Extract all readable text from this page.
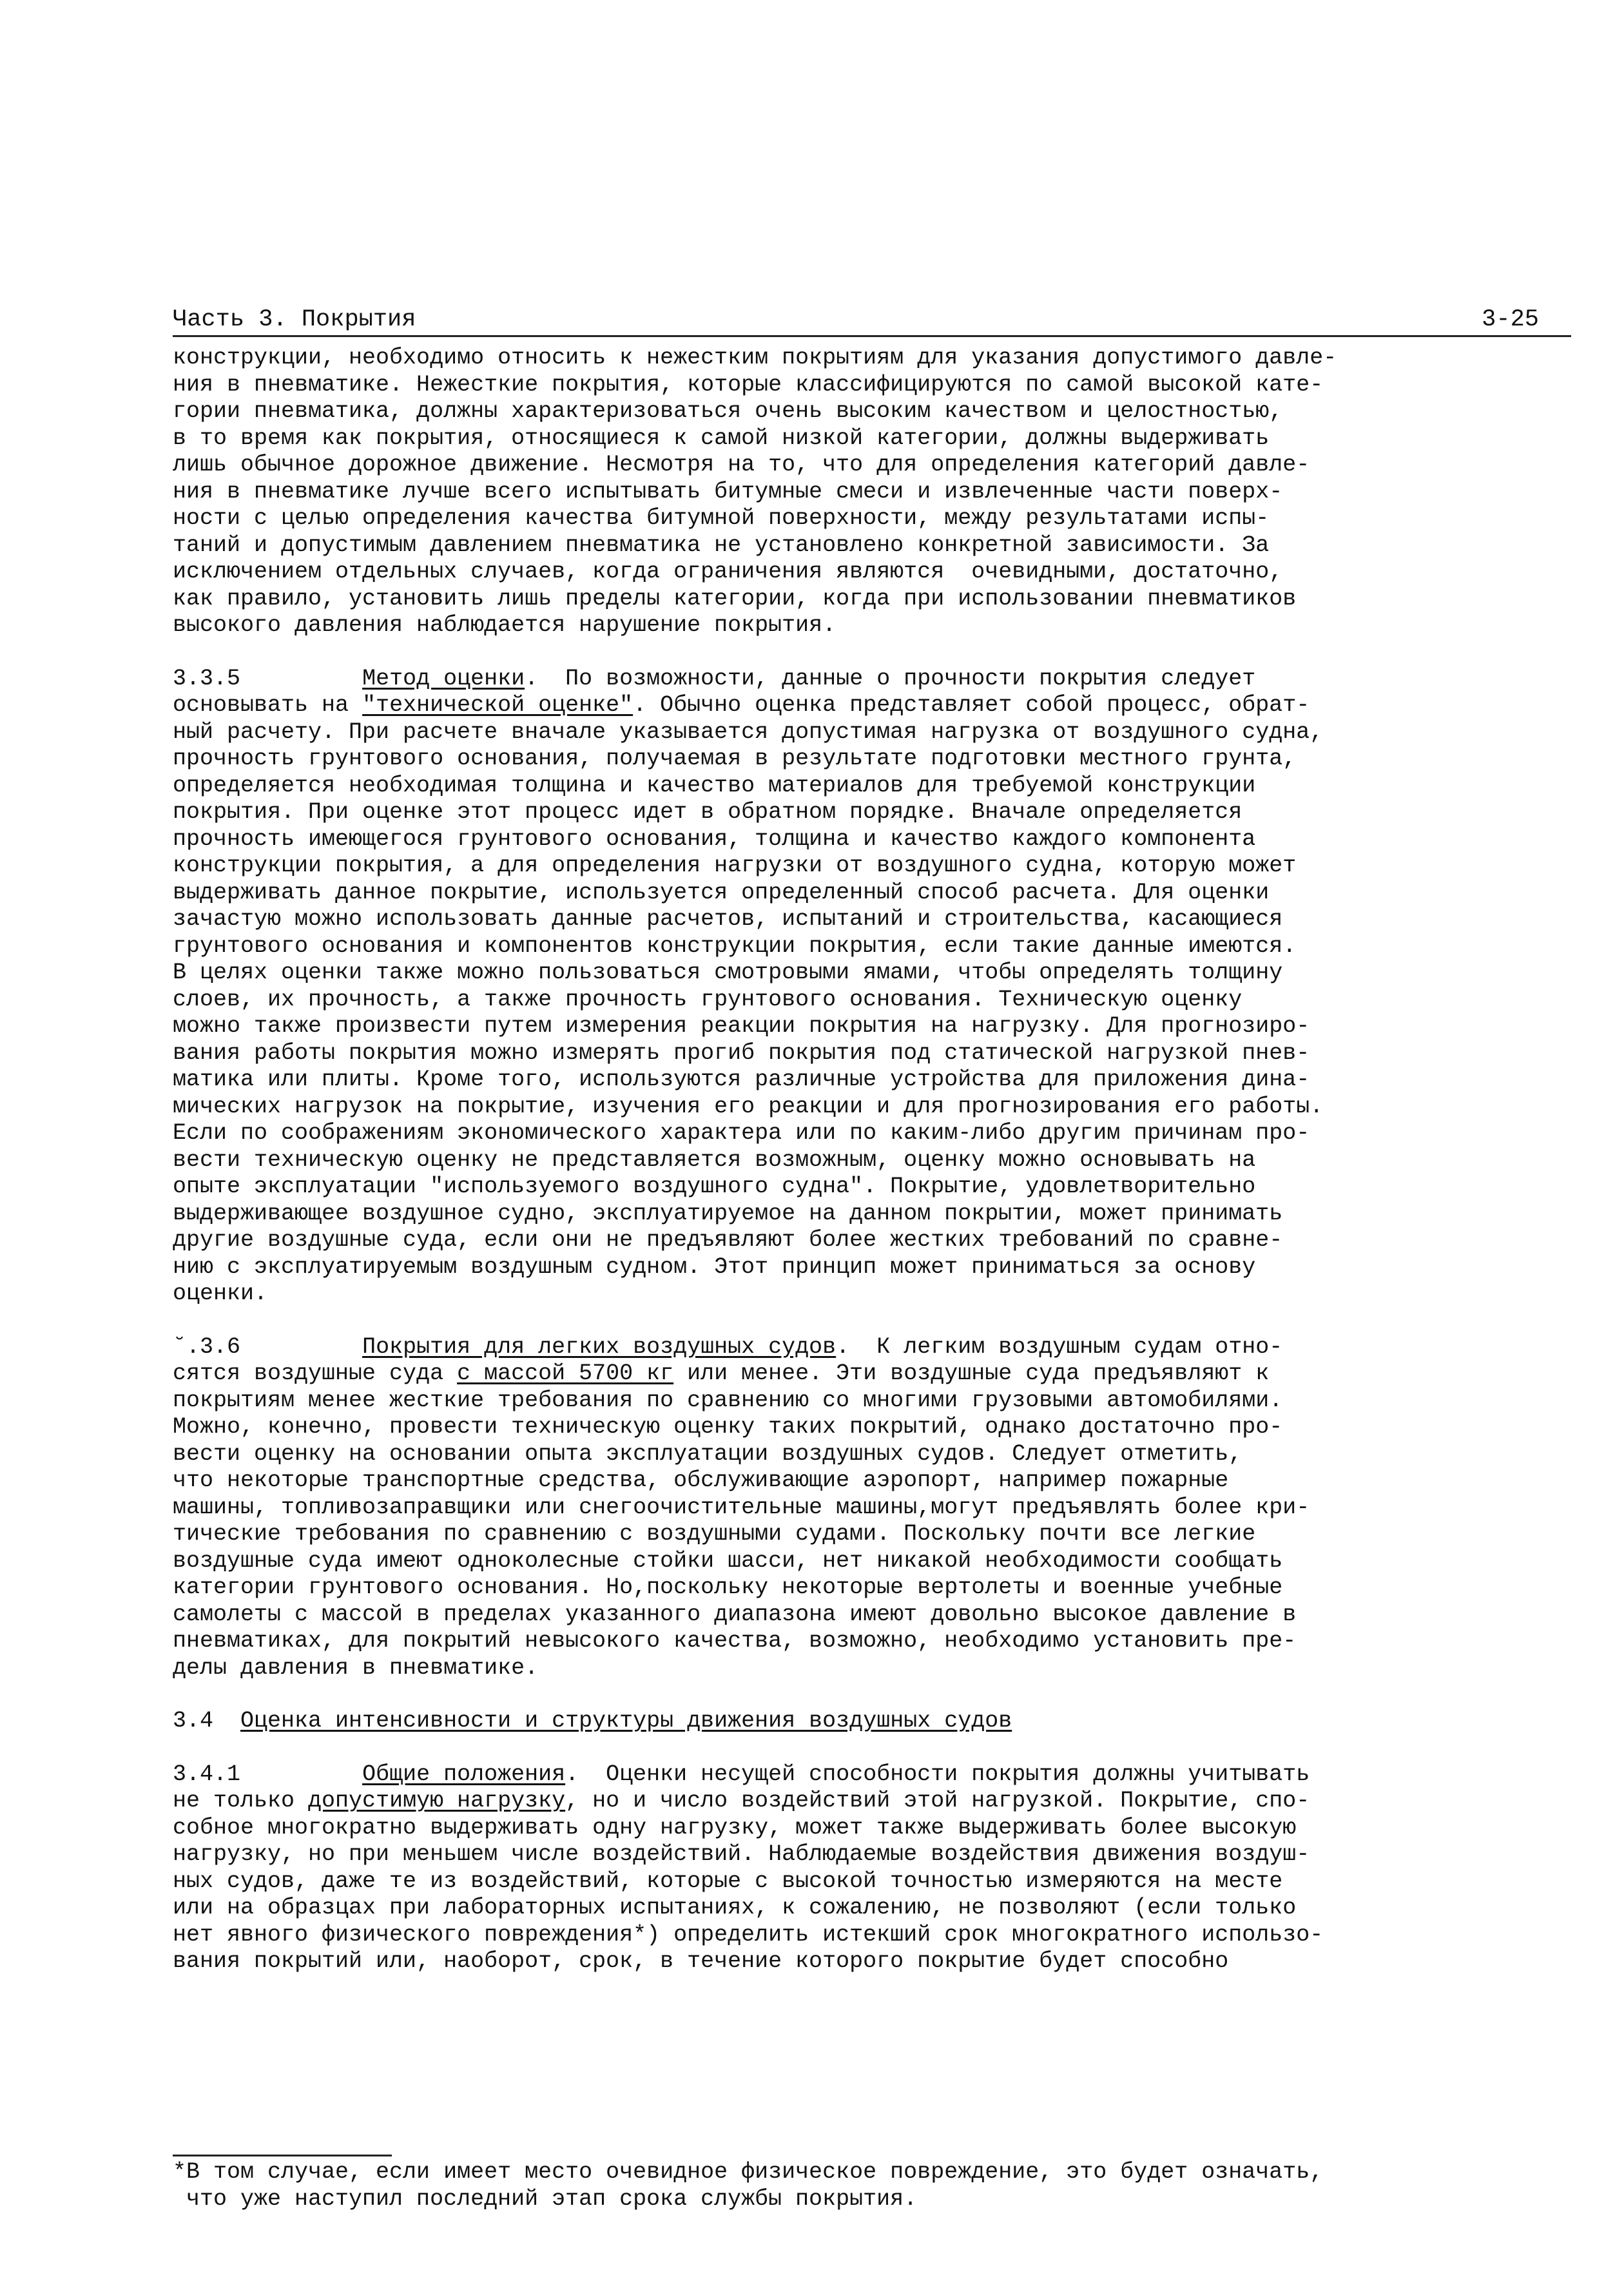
Часть 3. Покрытия	3-25
конструкции, необходимо относить к нежестким покрытиям для указания допустимого давле-
ния в пневматике. Нежесткие покрытия, которые классифицируются по самой высокой кате-
гории пневматика, должны характеризоваться очень высоким качеством и целостностью,
в то время как покрытия, относящиеся к самой низкой категории, должны выдерживать
лишь обычное дорожное движение. Несмотря на то, что для определения категорий давле-
ния в пневматике лучше всего испытывать битумные смеси и извлеченные части поверх-
ности с целью определения качества битумной поверхности, между результатами испы-
таний и допустимым давлением пневматика не установлено конкретной зависимости. За
исключением отдельных случаев, когда ограничения являются  очевидными, достаточно,
как правило, установить лишь пределы категории, когда при использовании пневматиков
высокого давления наблюдается нарушение покрытия.
3.3.5	Метод оценки.  По возможности, данные о прочности покрытия следует
основывать на "технической оценке". Обычно оценка представляет собой процесс, обрат-
ный расчету. При расчете вначале указывается допустимая нагрузка от воздушного судна,
прочность грунтового основания, получаемая в результате подготовки местного грунта,
определяется необходимая толщина и качество материалов для требуемой конструкции
покрытия. При оценке этот процесс идет в обратном порядке. Вначале определяется
прочность имеющегося грунтового основания, толщина и качество каждого компонента
конструкции покрытия, а для определения нагрузки от воздушного судна, которую может
выдерживать данное покрытие, используется определенный способ расчета. Для оценки
зачастую можно использовать данные расчетов, испытаний и строительства, касающиеся
грунтового основания и компонентов конструкции покрытия, если такие данные имеются.
В целях оценки также можно пользоваться смотровыми ямами, чтобы определять толщину
слоев, их прочность, а также прочность грунтового основания. Техническую оценку
можно также произвести путем измерения реакции покрытия на нагрузку. Для прогнозиро-
вания работы покрытия можно измерять прогиб покрытия под статической нагрузкой пнев-
матика или плиты. Кроме того, используются различные устройства для приложения дина-
мических нагрузок на покрытие, изучения его реакции и для прогнозирования его работы.
Если по соображениям экономического характера или по каким-либо другим причинам про-
вести техническую оценку не представляется возможным, оценку можно основывать на
опыте эксплуатации "используемого воздушного судна". Покрытие, удовлетворительно
выдерживающее воздушное судно, эксплуатируемое на данном покрытии, может принимать
другие воздушные суда, если они не предъявляют более жестких требований по сравне-
нию с эксплуатируемым воздушным судном. Этот принцип может приниматься за основу
оценки.
˘.3.6	Покрытия для легких воздушных судов.  К легким воздушным судам отно-
сятся воздушные суда с массой 5700 кг или менее. Эти воздушные суда предъявляют к
покрытиям менее жесткие требования по сравнению со многими грузовыми автомобилями.
Можно, конечно, провести техническую оценку таких покрытий, однако достаточно про-
вести оценку на основании опыта эксплуатации воздушных судов. Следует отметить,
что некоторые транспортные средства, обслуживающие аэропорт, например пожарные
машины, топливозаправщики или снегоочистительные машины,могут предъявлять более кри-
тические требования по сравнению с воздушными судами. Поскольку почти все легкие
воздушные суда имеют одноколесные стойки шасси, нет никакой необходимости сообщать
категории грунтового основания. Но,поскольку некоторые вертолеты и военные учебные
самолеты с массой в пределах указанного диапазона имеют довольно высокое давление в
пневматиках, для покрытий невысокого качества, возможно, необходимо установить пре-
делы давления в пневматике.
3.4 Оценка интенсивности и структуры движения воздушных судов
3.4.1	Общие положения.  Оценки несущей способности покрытия должны учитывать
не только допустимую нагрузку, но и число воздействий этой нагрузкой. Покрытие, спо-
собное многократно выдерживать одну нагрузку, может также выдерживать более высокую
нагрузку, но при меньшем числе воздействий. Наблюдаемые воздействия движения воздуш-
ных судов, даже те из воздействий, которые с высокой точностью измеряются на месте
или на образцах при лабораторных испытаниях, к сожалению, не позволяют (если только
нет явного физического повреждения*) определить истекший срок многократного использо-
вания покрытий или, наоборот, срок, в течение которого покрытие будет способно
*В том случае, если имеет место очевидное физическое повреждение, это будет означать,
что уже наступил последний этап срока службы покрытия.
